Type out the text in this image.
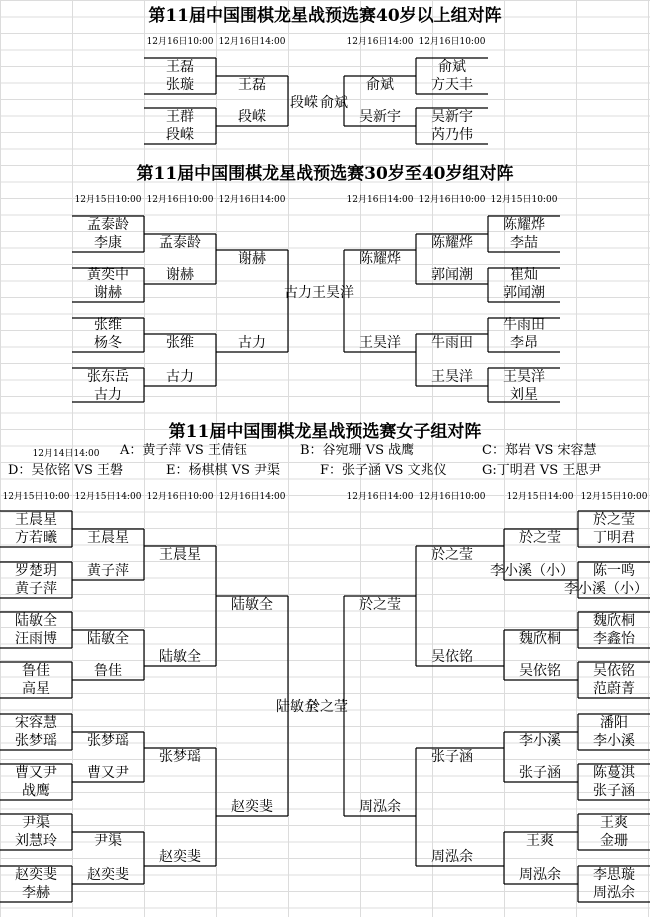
第11届中国围棋龙星战预选赛40岁以上组对阵
12月16日10:00 12月16日14:00	12月16日14:00 12月16日10:00
王磊
张璇
王群
段嵘
王磊
段嵘
俞斌
方天丰
吴新宇
芮乃伟
俞斌
吴新宇
段嵘 俞斌
第11届中国围棋龙星战预选赛30岁至40岁组对阵
12月15日10:00 12月16日10:00 12月16日14:00	12月16日14:00 12月16日10:00 12月15日10:00
孟泰龄
李康
黄奕中
谢赫
张维
杨冬
张东岳
古力
孟泰龄
谢赫
张维
古力
谢赫
古力
陈耀烨
李喆
崔灿
郭闻潮
牛雨田
李昂
王昊洋
刘星
陈耀烨
郭闻潮
牛雨田
王昊洋
陈耀烨
王昊洋
古力 王昊洋
第11届中国围棋龙星战预选赛女子组对阵
12月14日14:00 A：黄子萍 VS 王倩钰	B：谷宛珊 VS 战鹰	C：郑岩 VS 宋容慧
D：吴依铭 VS 王磐	E：杨棋棋 VS 尹渠	F：张子涵 VS 文兆仪	G:丁明君 VS 王思尹
12月15日10:00 12月15日14:00 12月16日10:00 12月16日14:00	12月16日14:00 12月16日10:00 12月15日14:00 12月15日10:00
王晨星
方若曦
罗楚玥
黄子萍
陆敏全
汪雨博
鲁佳
高星
宋容慧
张梦瑶
曹又尹
战鹰
尹渠
刘慧玲
赵奕斐
李赫
王晨星
黄子萍
陆敏全
鲁佳
张梦瑶
曹又尹
尹渠
赵奕斐
王晨星
陆敏全
张梦瑶
赵奕斐
陆敏全
赵奕斐
於之莹
丁明君
陈一鸣
李小溪（小）
魏欣桐
李鑫怡
吴依铭
范蔚菁
潘阳
李小溪
陈蔓淇
张子涵
王爽
金珊
李思璇
周泓余
於之莹
李小溪（小）
魏欣桐
吴依铭
李小溪
张子涵
王爽
周泓余
於之莹
吴依铭
张子涵
周泓余
於之莹
周泓余
陆敏全
於之莹
